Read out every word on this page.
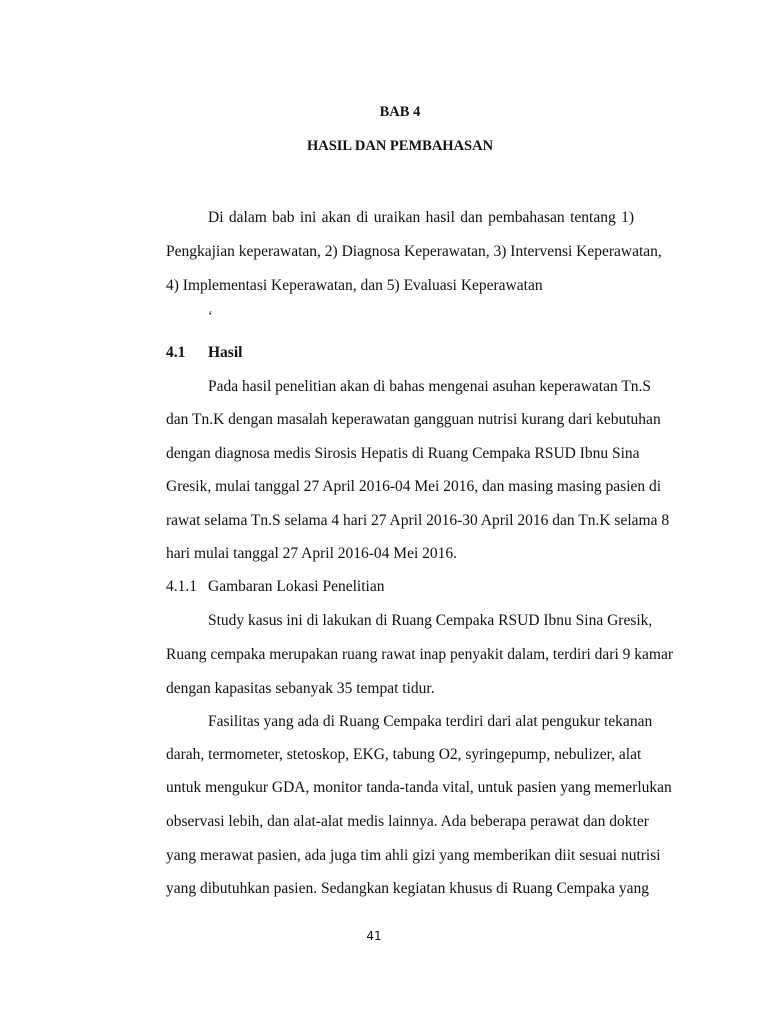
BAB 4
HASIL DAN PEMBAHASAN
Di dalam bab ini akan di uraikan hasil dan pembahasan tentang 1)
Pengkajian keperawatan, 2) Diagnosa Keperawatan, 3) Intervensi Keperawatan,
4) Implementasi Keperawatan, dan 5) Evaluasi Keperawatan
‘
4.1 Hasil
Pada hasil penelitian akan di bahas mengenai asuhan keperawatan Tn.S
dan Tn.K dengan masalah keperawatan gangguan nutrisi kurang dari kebutuhan
dengan diagnosa medis Sirosis Hepatis di Ruang Cempaka RSUD Ibnu Sina
Gresik, mulai tanggal 27 April 2016-04 Mei 2016, dan masing masing pasien di
rawat selama Tn.S selama 4 hari 27 April 2016-30 April 2016 dan Tn.K selama 8
hari mulai tanggal 27 April 2016-04 Mei 2016.
4.1.1 Gambaran Lokasi Penelitian
Study kasus ini di lakukan di Ruang Cempaka RSUD Ibnu Sina Gresik,
Ruang cempaka merupakan ruang rawat inap penyakit dalam, terdiri dari 9 kamar
dengan kapasitas sebanyak 35 tempat tidur.
Fasilitas yang ada di Ruang Cempaka terdiri dari alat pengukur tekanan
darah, termometer, stetoskop, EKG, tabung O2, syringepump, nebulizer, alat
untuk mengukur GDA, monitor tanda-tanda vital, untuk pasien yang memerlukan
observasi lebih, dan alat-alat medis lainnya. Ada beberapa perawat dan dokter
yang merawat pasien, ada juga tim ahli gizi yang memberikan diit sesuai nutrisi
yang dibutuhkan pasien. Sedangkan kegiatan khusus di Ruang Cempaka yang
41
